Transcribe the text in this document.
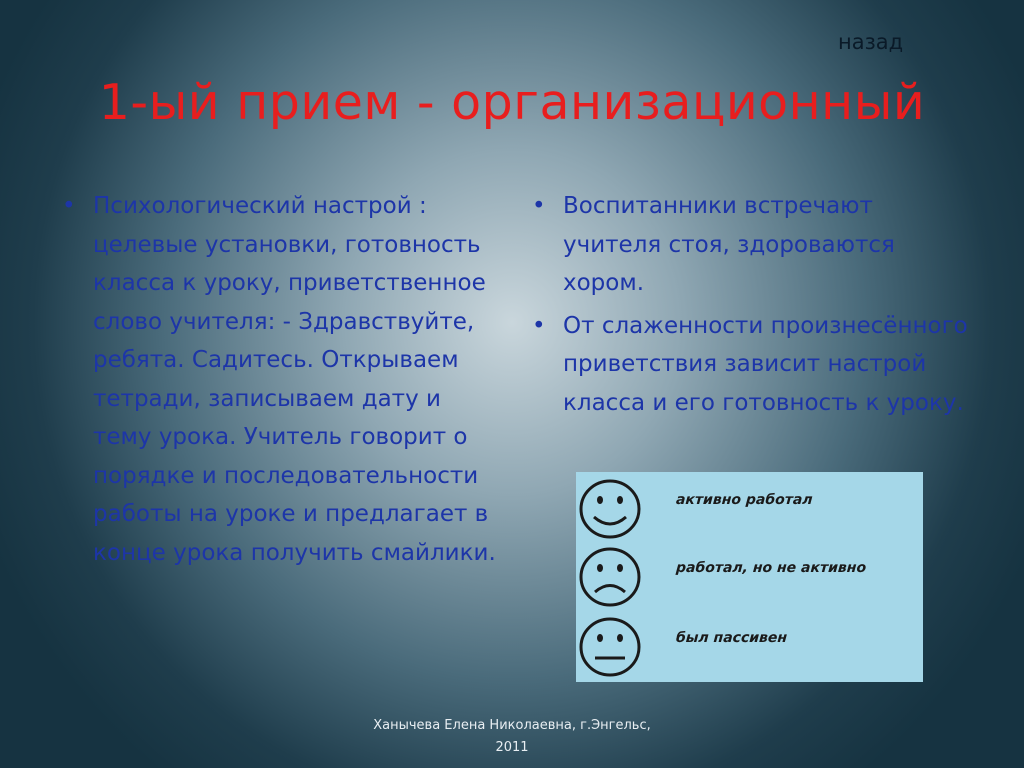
назад
1-ый прием - организационный
• Психологический настрой : целевые установки, готовность класса к уроку, приветственное слово учителя: - Здравствуйте, ребята. Садитесь. Открываем тетради, записываем дату и тему урока. Учитель говорит о порядке и последовательности работы на уроке и предлагает в конце урока получить смайлики.
• Воспитанники встречают учителя стоя, здороваются хором.
• От слаженности произнесённого приветствия зависит настрой класса и его готовность к уроку.
активно работал
работал, но не активно
был пассивен
Ханычева Елена Николаевна, г.Энгельс,
2011
